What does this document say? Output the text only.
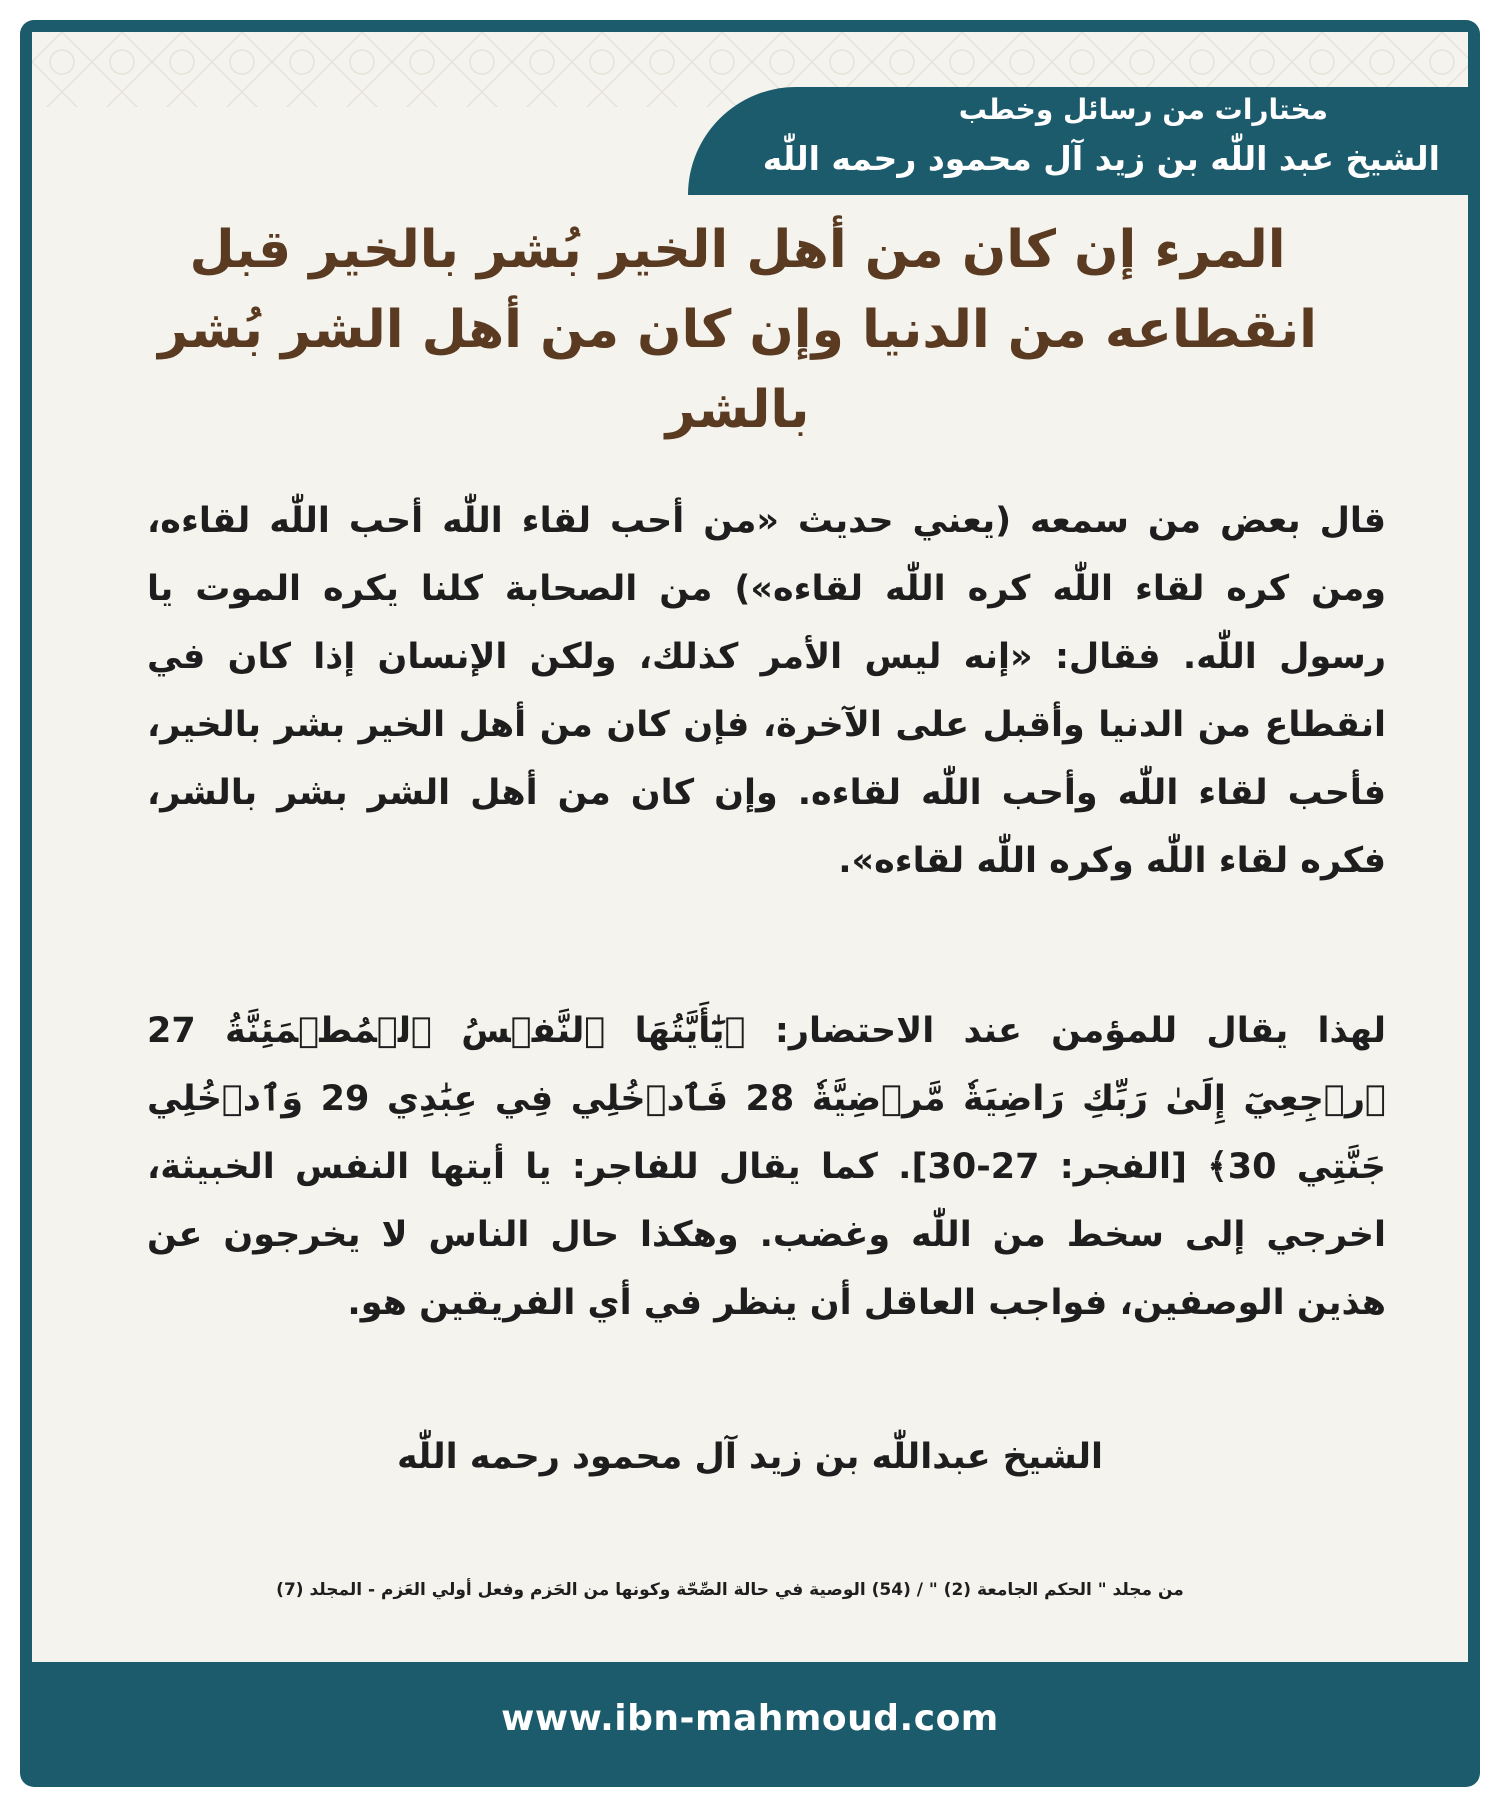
مختارات من رسائل وخطب
الشيخ عبد اللّٰه بن زيد آل محمود رحمه اللّٰه
المرء إن كان من أهل الخير بُشر بالخير قبل انقطاعه من الدنيا وإن كان من أهل الشر بُشر بالشر
قال بعض من سمعه (يعني حديث «من أحب لقاء اللّٰه أحب اللّٰه لقاءه، ومن كره لقاء اللّٰه كره اللّٰه لقاءه») من الصحابة كلنا يكره الموت يا رسول اللّٰه. فقال: «إنه ليس الأمر كذلك، ولكن الإنسان إذا كان في انقطاع من الدنيا وأقبل على الآخرة، فإن كان من أهل الخير بشر بالخير، فأحب لقاء اللّٰه وأحب اللّٰه لقاءه. وإن كان من أهل الشر بشر بالشر، فكره لقاء اللّٰه وكره اللّٰه لقاءه».
لهذا يقال للمؤمن عند الاحتضار: ﴿يَٰٓأَيَّتُهَا ٱلنَّفۡسُ ٱلۡمُطۡمَئِنَّةُ 27 ٱرۡجِعِيٓ إِلَىٰ رَبِّكِ رَاضِيَةٗ مَّرۡضِيَّةٗ 28 فَٱدۡخُلِي فِي عِبَٰدِي 29 وَٱدۡخُلِي جَنَّتِي 30﴾ [الفجر: 27-30]. كما يقال للفاجر: يا أيتها النفس الخبيثة، اخرجي إلى سخط من اللّٰه وغضب. وهكذا حال الناس لا يخرجون عن هذين الوصفين، فواجب العاقل أن ينظر في أي الفريقين هو.
الشيخ عبداللّٰه بن زيد آل محمود رحمه اللّٰه
من مجلد " الحكم الجامعة (2) " / (54) الوصية في حالة الصِّحّة وكونها من الحَزم وفعل أولي العَزم - المجلد (7)
www.ibn-mahmoud.com
